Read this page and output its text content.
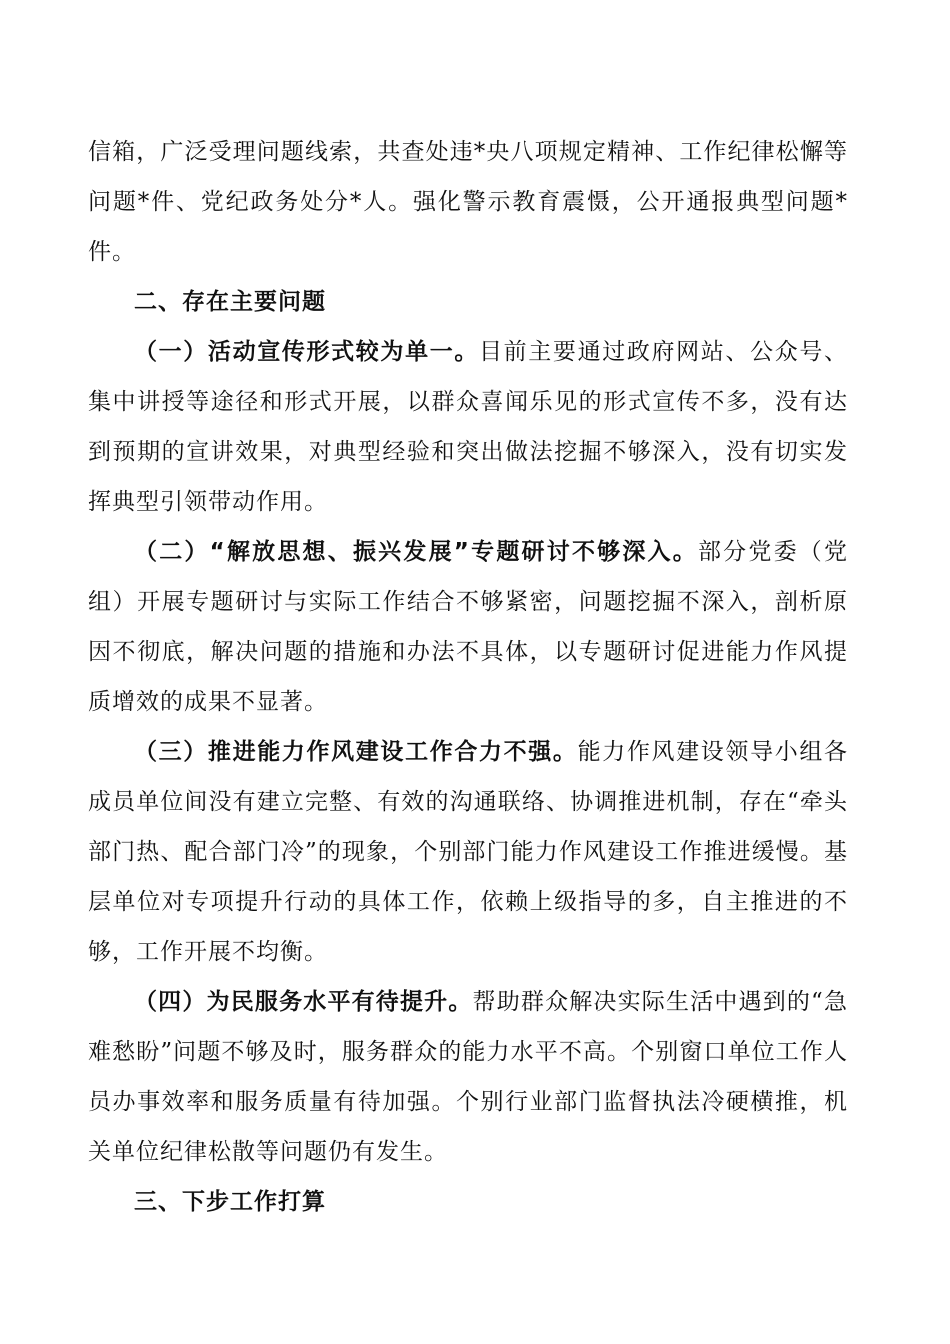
信箱，广泛受理问题线索，共查处违*央八项规定精神、工作纪律松懈等问题*件、党纪政务处分*人。强化警示教育震慑，公开通报典型问题*件。

二、存在主要问题

（一）活动宣传形式较为单一。目前主要通过政府网站、公众号、集中讲授等途径和形式开展，以群众喜闻乐见的形式宣传不多，没有达到预期的宣讲效果，对典型经验和突出做法挖掘不够深入，没有切实发挥典型引领带动作用。

（二）“解放思想、振兴发展”专题研讨不够深入。部分党委（党组）开展专题研讨与实际工作结合不够紧密，问题挖掘不深入，剖析原因不彻底，解决问题的措施和办法不具体，以专题研讨促进能力作风提质增效的成果不显著。

（三）推进能力作风建设工作合力不强。能力作风建设领导小组各成员单位间没有建立完整、有效的沟通联络、协调推进机制，存在“牵头部门热、配合部门冷”的现象，个别部门能力作风建设工作推进缓慢。基层单位对专项提升行动的具体工作，依赖上级指导的多，自主推进的不够，工作开展不均衡。

（四）为民服务水平有待提升。帮助群众解决实际生活中遇到的“急难愁盼”问题不够及时，服务群众的能力水平不高。个别窗口单位工作人员办事效率和服务质量有待加强。个别行业部门监督执法冷硬横推，机关单位纪律松散等问题仍有发生。

三、下步工作打算
